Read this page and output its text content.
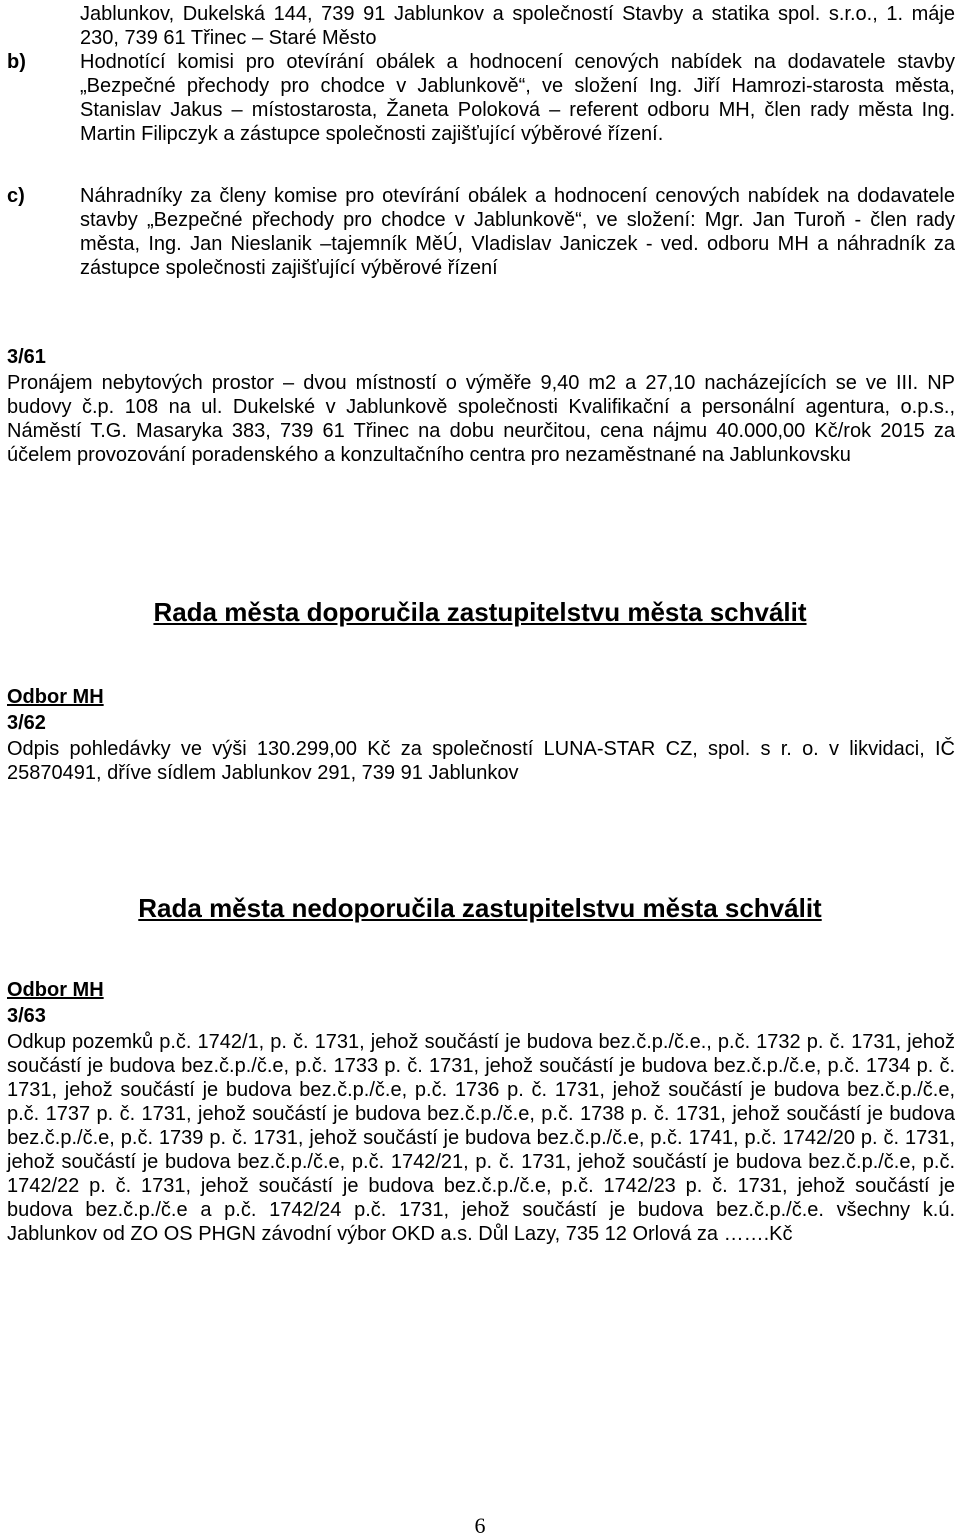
Jablunkov, Dukelská 144, 739 91 Jablunkov a společností Stavby a statika spol. s.r.o., 1. máje 230, 739 61 Třinec – Staré Město

b)	Hodnotící komisi pro otevírání obálek a hodnocení cenových nabídek na dodavatele stavby „Bezpečné přechody pro chodce v Jablunkově“, ve složení Ing. Jiří Hamrozi-starosta města, Stanislav Jakus – místostarosta, Žaneta Poloková – referent odboru MH, člen rady města Ing. Martin Filipczyk a zástupce společnosti zajišťující výběrové řízení.

c)	Náhradníky za členy komise pro otevírání obálek a hodnocení cenových nabídek na dodavatele stavby „Bezpečné přechody pro chodce v Jablunkově“, ve složení: Mgr. Jan Turoň - člen rady města, Ing. Jan Nieslanik –tajemník MěÚ, Vladislav Janiczek - ved. odboru MH a náhradník za zástupce společnosti zajišťující výběrové řízení

3/61

Pronájem nebytových prostor – dvou místností o výměře 9,40 m2 a 27,10 nacházejících se ve III. NP budovy č.p. 108 na ul. Dukelské v Jablunkově společnosti Kvalifikační a personální agentura, o.p.s., Náměstí T.G. Masaryka 383, 739 61 Třinec na dobu neurčitou, cena nájmu 40.000,00 Kč/rok 2015 za účelem provozování poradenského a konzultačního centra pro nezaměstnané na Jablunkovsku

Rada města doporučila zastupitelstvu města schválit

Odbor MH

3/62

Odpis pohledávky ve výši 130.299,00 Kč za společností LUNA-STAR CZ, spol. s r. o. v likvidaci, IČ 25870491, dříve sídlem Jablunkov 291, 739 91 Jablunkov

Rada města nedoporučila zastupitelstvu města schválit

Odbor MH

3/63

Odkup pozemků p.č. 1742/1, p. č. 1731, jehož součástí je budova bez.č.p./č.e., p.č. 1732 p. č. 1731, jehož součástí je budova bez.č.p./č.e, p.č. 1733 p. č. 1731, jehož součástí je budova bez.č.p./č.e, p.č. 1734 p. č. 1731, jehož součástí je budova bez.č.p./č.e, p.č. 1736 p. č. 1731, jehož součástí je budova bez.č.p./č.e, p.č. 1737 p. č. 1731, jehož součástí je budova bez.č.p./č.e, p.č. 1738 p. č. 1731, jehož součástí je budova bez.č.p./č.e, p.č. 1739 p. č. 1731, jehož součástí je budova bez.č.p./č.e, p.č. 1741, p.č. 1742/20 p. č. 1731, jehož součástí je budova bez.č.p./č.e, p.č. 1742/21, p. č. 1731, jehož součástí je budova bez.č.p./č.e, p.č. 1742/22 p. č. 1731, jehož součástí je budova bez.č.p./č.e, p.č. 1742/23 p. č. 1731, jehož součástí je budova bez.č.p./č.e a p.č. 1742/24 p.č. 1731, jehož součástí je budova bez.č.p./č.e. všechny k.ú. Jablunkov od ZO OS PHGN závodní výbor OKD a.s. Důl Lazy, 735 12 Orlová za …….Kč

6
